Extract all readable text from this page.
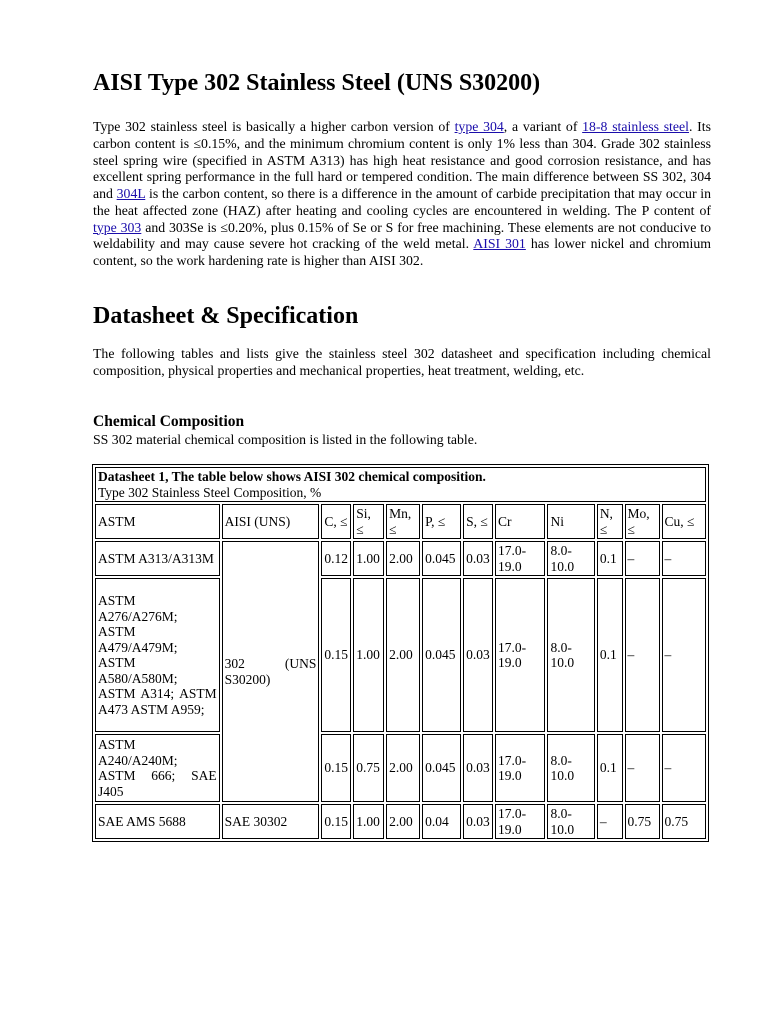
AISI Type 302 Stainless Steel (UNS S30200)

Type 302 stainless steel is basically a higher carbon version of type 304, a variant of 18-8 stainless steel. Its carbon content is ≤0.15%, and the minimum chromium content is only 1% less than 304. Grade 302 stainless steel spring wire (specified in ASTM A313) has high heat resistance and good corrosion resistance, and has excellent spring performance in the full hard or tempered condition. The main difference between SS 302, 304 and 304L is the carbon content, so there is a difference in the amount of carbide precipitation that may occur in the heat affected zone (HAZ) after heating and cooling cycles are encountered in welding. The P content of type 303 and 303Se is ≤0.20%, plus 0.15% of Se or S for free machining. These elements are not conducive to weldability and may cause severe hot cracking of the weld metal. AISI 301 has lower nickel and chromium content, so the work hardening rate is higher than AISI 302.

Datasheet & Specification

The following tables and lists give the stainless steel 302 datasheet and specification including chemical composition, physical properties and mechanical properties, heat treatment, welding, etc.

Chemical Composition

SS 302 material chemical composition is listed in the following table.

Datasheet 1, The table below shows AISI 302 chemical composition.
Type 302 Stainless Steel Composition, %											

ASTM	AISI (UNS)	C, ≤	Si, ≤	Mn, ≤	P, ≤	S, ≤	Cr	Ni	N, ≤	Mo, ≤	Cu, ≤
ASTM A313/A313M	302 (UNS S30200)	0.12	1.00	2.00	0.045	0.03	17.0-19.0	8.0-10.0	0.1	–	–
ASTM A276/A276M; ASTM A479/A479M; ASTM A580/A580M; ASTM A314; ASTM A473 ASTM A959;		0.15	1.00	2.00	0.045	0.03	17.0-19.0	8.0-10.0	0.1	–	–
ASTM A240/A240M; ASTM 666; SAE J405		0.15	0.75	2.00	0.045	0.03	17.0-19.0	8.0-10.0	0.1	–	–
SAE AMS 5688	SAE 30302	0.15	1.00	2.00	0.04	0.03	17.0-19.0	8.0-10.0	–	0.75	0.75
